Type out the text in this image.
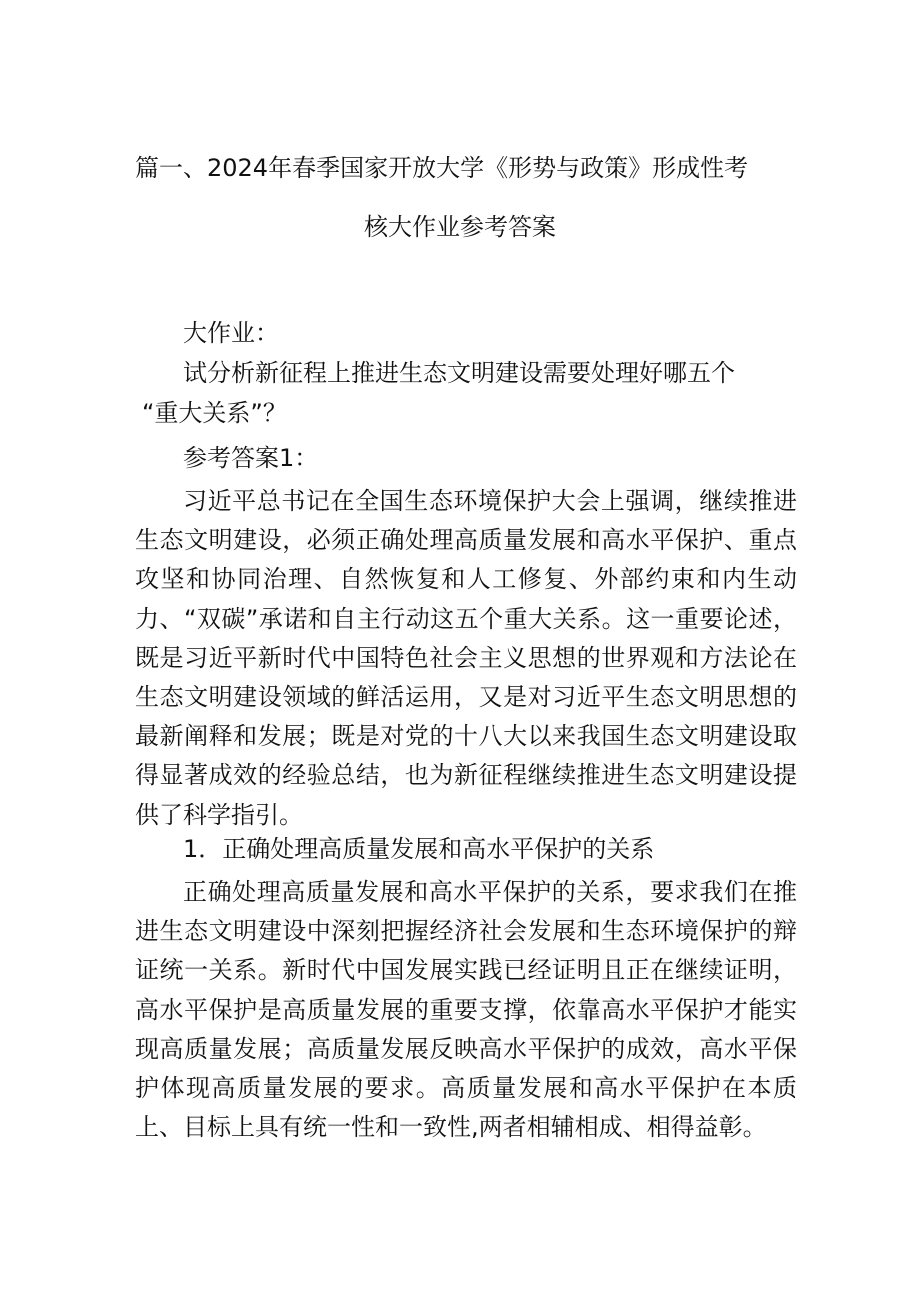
篇一、2024年春季国家开放大学《形势与政策》形成性考
核大作业参考答案
大作业：
试分析新征程上推进生态文明建设需要处理好哪五个
“重大关系”？
参考答案1：

习近平总书记在全国生态环境保护大会上强调，继续推进生态文明建设，必须正确处理高质量发展和高水平保护、重点攻坚和协同治理、自然恢复和人工修复、外部约束和内生动力、“双碳”承诺和自主行动这五个重大关系。这一重要论述，既是习近平新时代中国特色社会主义思想的世界观和方法论在生态文明建设领域的鲜活运用，又是对习近平生态文明思想的最新阐释和发展；既是对党的十八大以来我国生态文明建设取得显著成效的经验总结，也为新征程继续推进生态文明建设提供了科学指引。

1．正确处理高质量发展和高水平保护的关系

正确处理高质量发展和高水平保护的关系，要求我们在推进生态文明建设中深刻把握经济社会发展和生态环境保护的辩证统一关系。新时代中国发展实践已经证明且正在继续证明，高水平保护是高质量发展的重要支撑，依靠高水平保护才能实现高质量发展；高质量发展反映高水平保护的成效，高水平保护体现高质量发展的要求。高质量发展和高水平保护在本质上、目标上具有统一性和一致性,两者相辅相成、相得益彰。
